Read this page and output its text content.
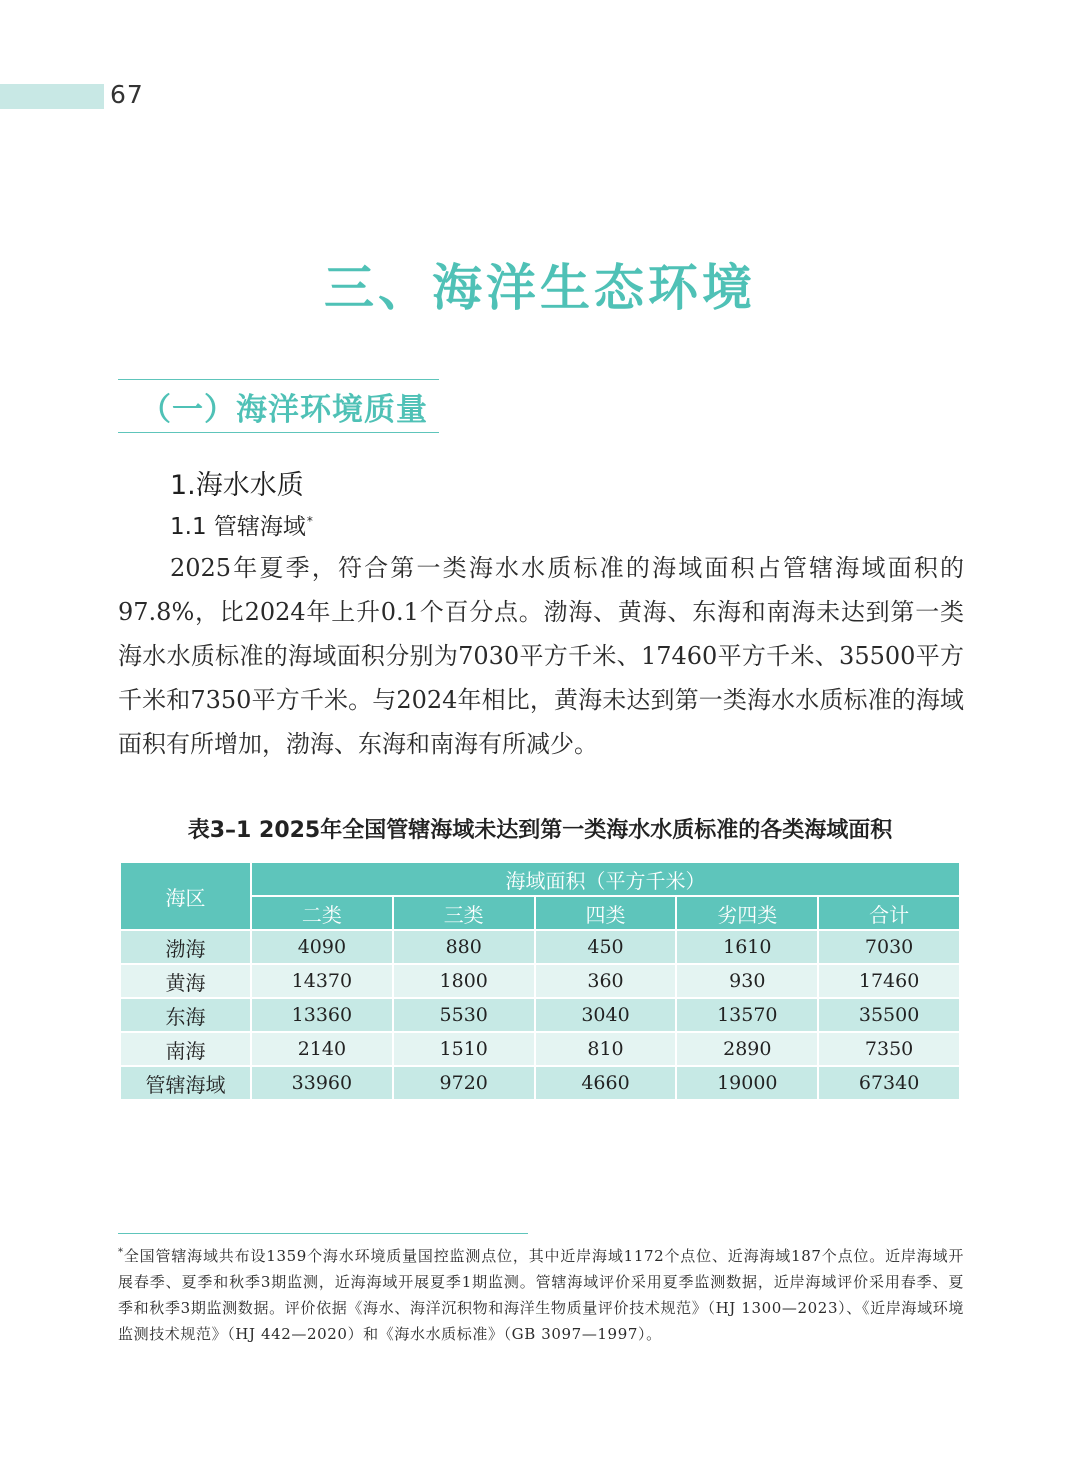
67
三、海洋生态环境
（一）海洋环境质量
1.海水水质
1.1 管辖海域*
2025年夏季，符合第一类海水水质标准的海域面积占管辖海域面积的97.8%，比2024年上升0.1个百分点。渤海、黄海、东海和南海未达到第一类海水水质标准的海域面积分别为7030平方千米、17460平方千米、35500平方千米和7350平方千米。与2024年相比，黄海未达到第一类海水水质标准的海域面积有所增加，渤海、东海和南海有所减少。
表3–1 2025年全国管辖海域未达到第一类海水水质标准的各类海域面积
海区	海域面积（平方千米）				
	二类	三类	四类	劣四类	合计
渤海	4090	880	450	1610	7030
黄海	14370	1800	360	930	17460
东海	13360	5530	3040	13570	35500
南海	2140	1510	810	2890	7350
管辖海域	33960	9720	4660	19000	67340
*全国管辖海域共布设1359个海水环境质量国控监测点位，其中近岸海域1172个点位、近海海域187个点位。近岸海域开展春季、夏季和秋季3期监测，近海海域开展夏季1期监测。管辖海域评价采用夏季监测数据，近岸海域评价采用春季、夏季和秋季3期监测数据。评价依据《海水、海洋沉积物和海洋生物质量评价技术规范》（HJ 1300—2023）、《近岸海域环境监测技术规范》（HJ 442—2020）和《海水水质标准》（GB 3097—1997）。
